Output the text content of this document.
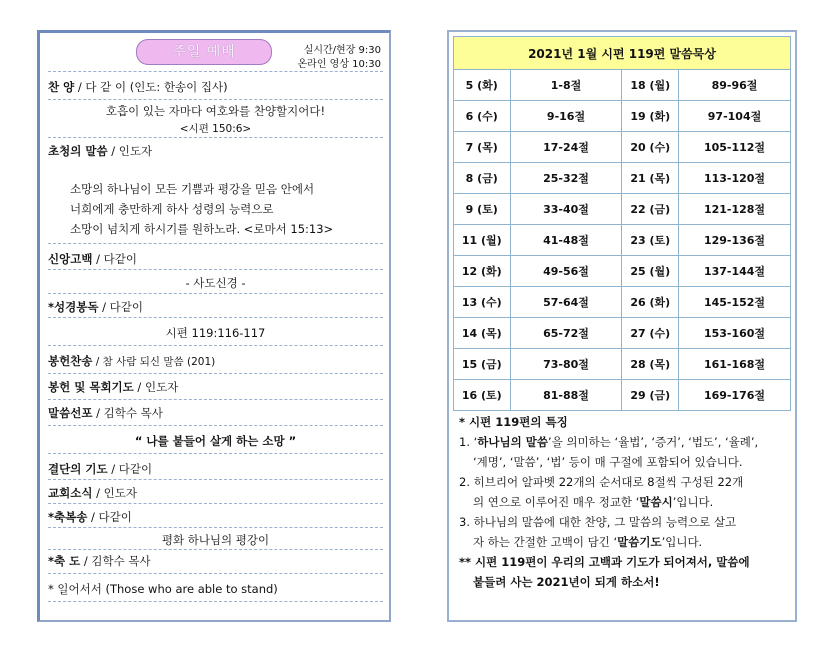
주일 예배	실시간/현장 9:30
온라인 영상 10:30
찬 양 / 다 같 이 (인도: 한송이 집사)
호흡이 있는 자마다 여호와를 찬양할지어다!
<시편 150:6>
초청의 말씀 / 인도자
소망의 하나님이 모든 기쁨과 평강을 믿음 안에서
너희에게 충만하게 하사 성령의 능력으로
소망이 넘치게 하시기를 원하노라. <로마서 15:13>
신앙고백 / 다같이
- 사도신경 -
*성경봉독 / 다같이
시편 119:116-117
봉헌찬송 / 참 사람 되신 말씀 (201)
봉헌 및 목회기도 / 인도자
말씀선포 / 김학수 목사
“ 나를 붙들어 살게 하는 소망 ”
결단의 기도 / 다같이
교회소식 / 인도자
*축복송 / 다같이
평화 하나님의 평강이
*축 도 / 김학수 목사
* 일어서서 (Those who are able to stand)
2021년 1월 시편 119편 말씀묵상			
5 (화)	1-8절	18 (월)	89-96절
6 (수)	9-16절	19 (화)	97-104절
7 (목)	17-24절	20 (수)	105-112절
8 (금)	25-32절	21 (목)	113-120절
9 (토)	33-40절	22 (금)	121-128절
11 (월)	41-48절	23 (토)	129-136절
12 (화)	49-56절	25 (월)	137-144절
13 (수)	57-64절	26 (화)	145-152절
14 (목)	65-72절	27 (수)	153-160절
15 (금)	73-80절	28 (목)	161-168절
16 (토)	81-88절	29 (금)	169-176절

* 시편 119편의 특징

1. ‘하나님의 말씀’을 의미하는 ‘율법’, ‘증거’, ‘법도’, ‘율례’,

‘계명’, ‘말씀’, ‘법’ 등이 매 구절에 포함되어 있습니다.

2. 히브리어 알파벳 22개의 순서대로 8절씩 구성된 22개

의 연으로 이루어진 매우 정교한 ‘말씀시’입니다.

3. 하나님의 말씀에 대한 찬양, 그 말씀의 능력으로 살고

자 하는 간절한 고백이 담긴 ‘말씀기도’입니다.

** 시편 119편이 우리의 고백과 기도가 되어져서, 말씀에

붙들려 사는 2021년이 되게 하소서!
